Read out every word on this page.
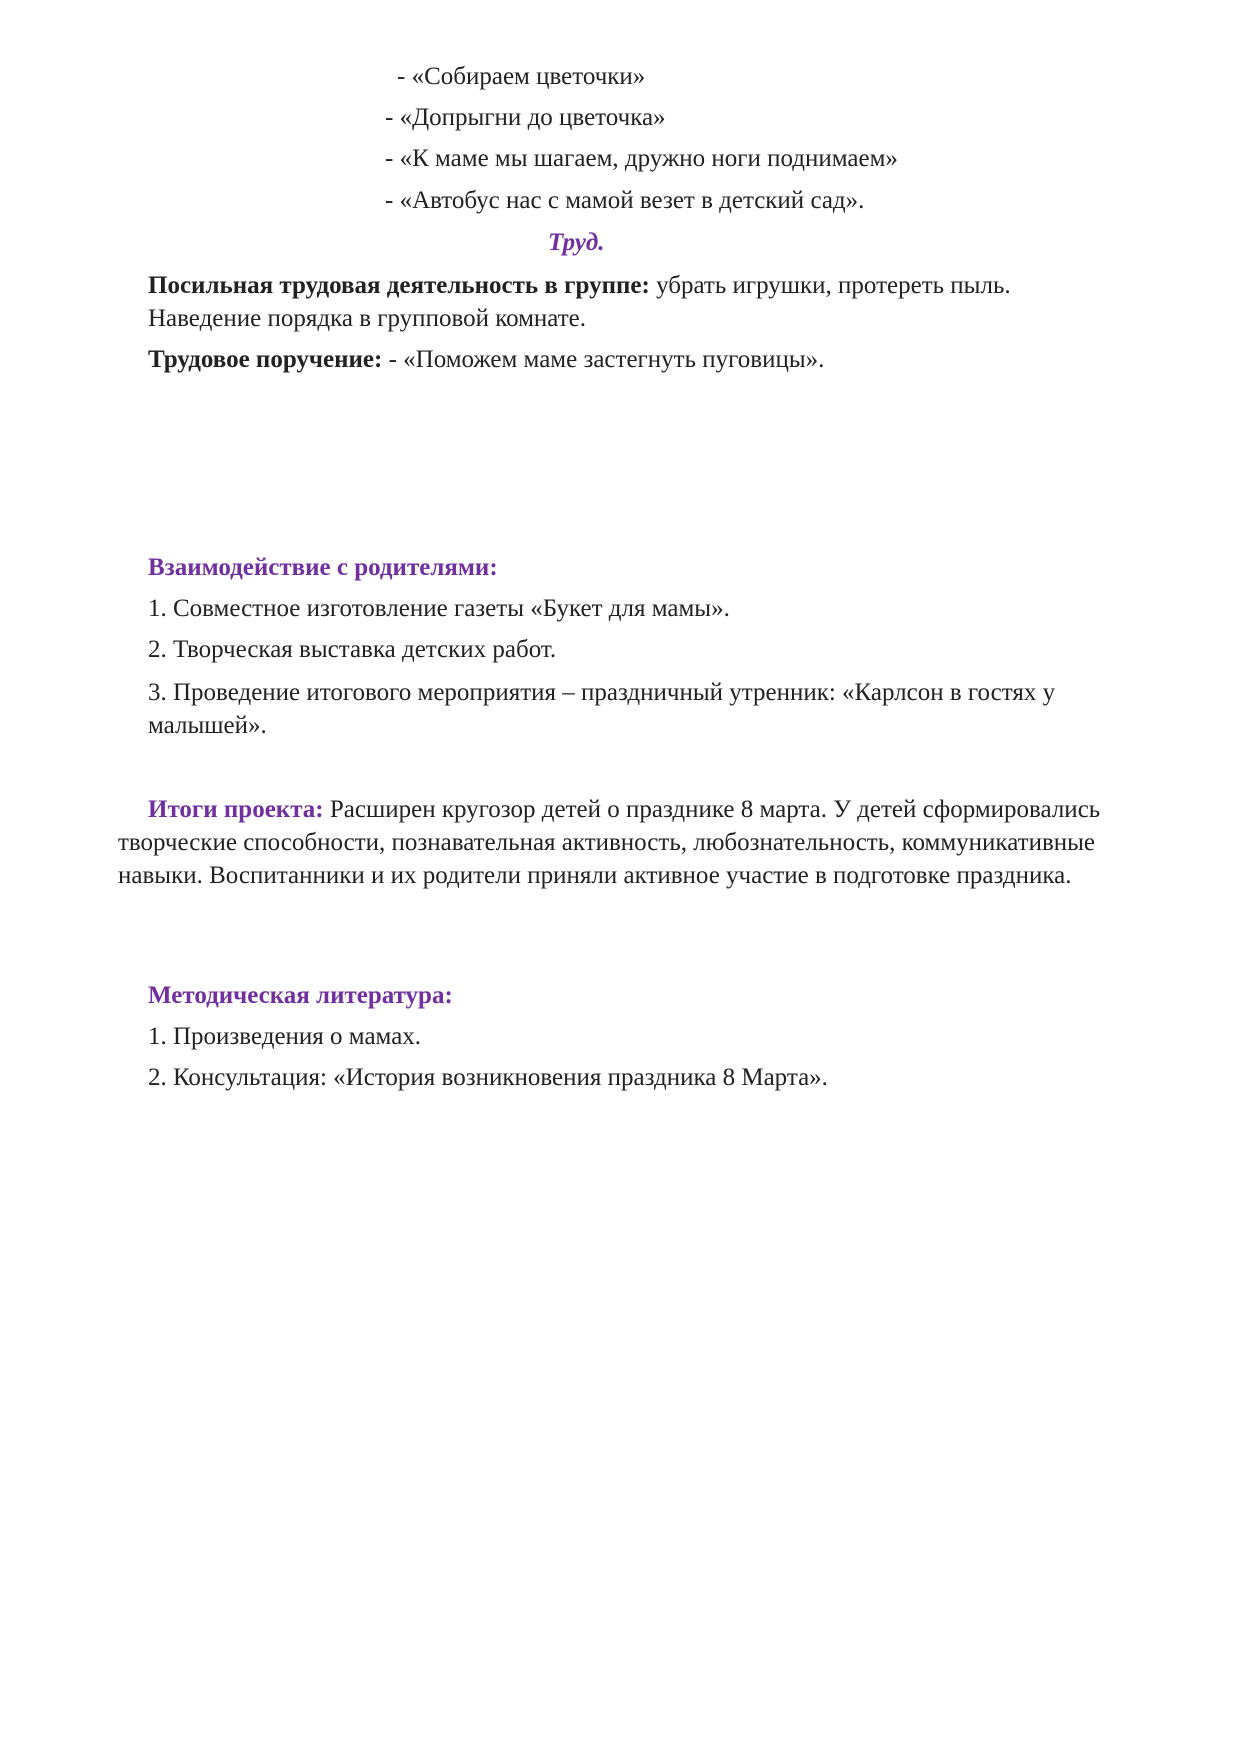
- «Собираем цветочки»
- «Допрыгни до цветочка»
- «К маме мы шагаем, дружно ноги поднимаем»
- «Автобус нас с мамой везет в детский сад».
Труд.
Посильная трудовая деятельность в группе: убрать игрушки, протереть пыль. Наведение порядка в групповой комнате.
Трудовое поручение: - «Поможем маме застегнуть пуговицы».
Взаимодействие с родителями:
1. Совместное изготовление газеты «Букет для мамы».
2. Творческая выставка детских работ.
3. Проведение итогового мероприятия – праздничный утренник: «Карлсон в гостях у малышей».
Итоги проекта: Расширен кругозор детей о празднике 8 марта. У детей сформировались творческие способности, познавательная активность, любознательность, коммуникативные навыки. Воспитанники и их родители приняли активное участие в подготовке праздника.
Методическая литература:
1. Произведения о мамах.
2. Консультация: «История возникновения праздника 8 Марта».
